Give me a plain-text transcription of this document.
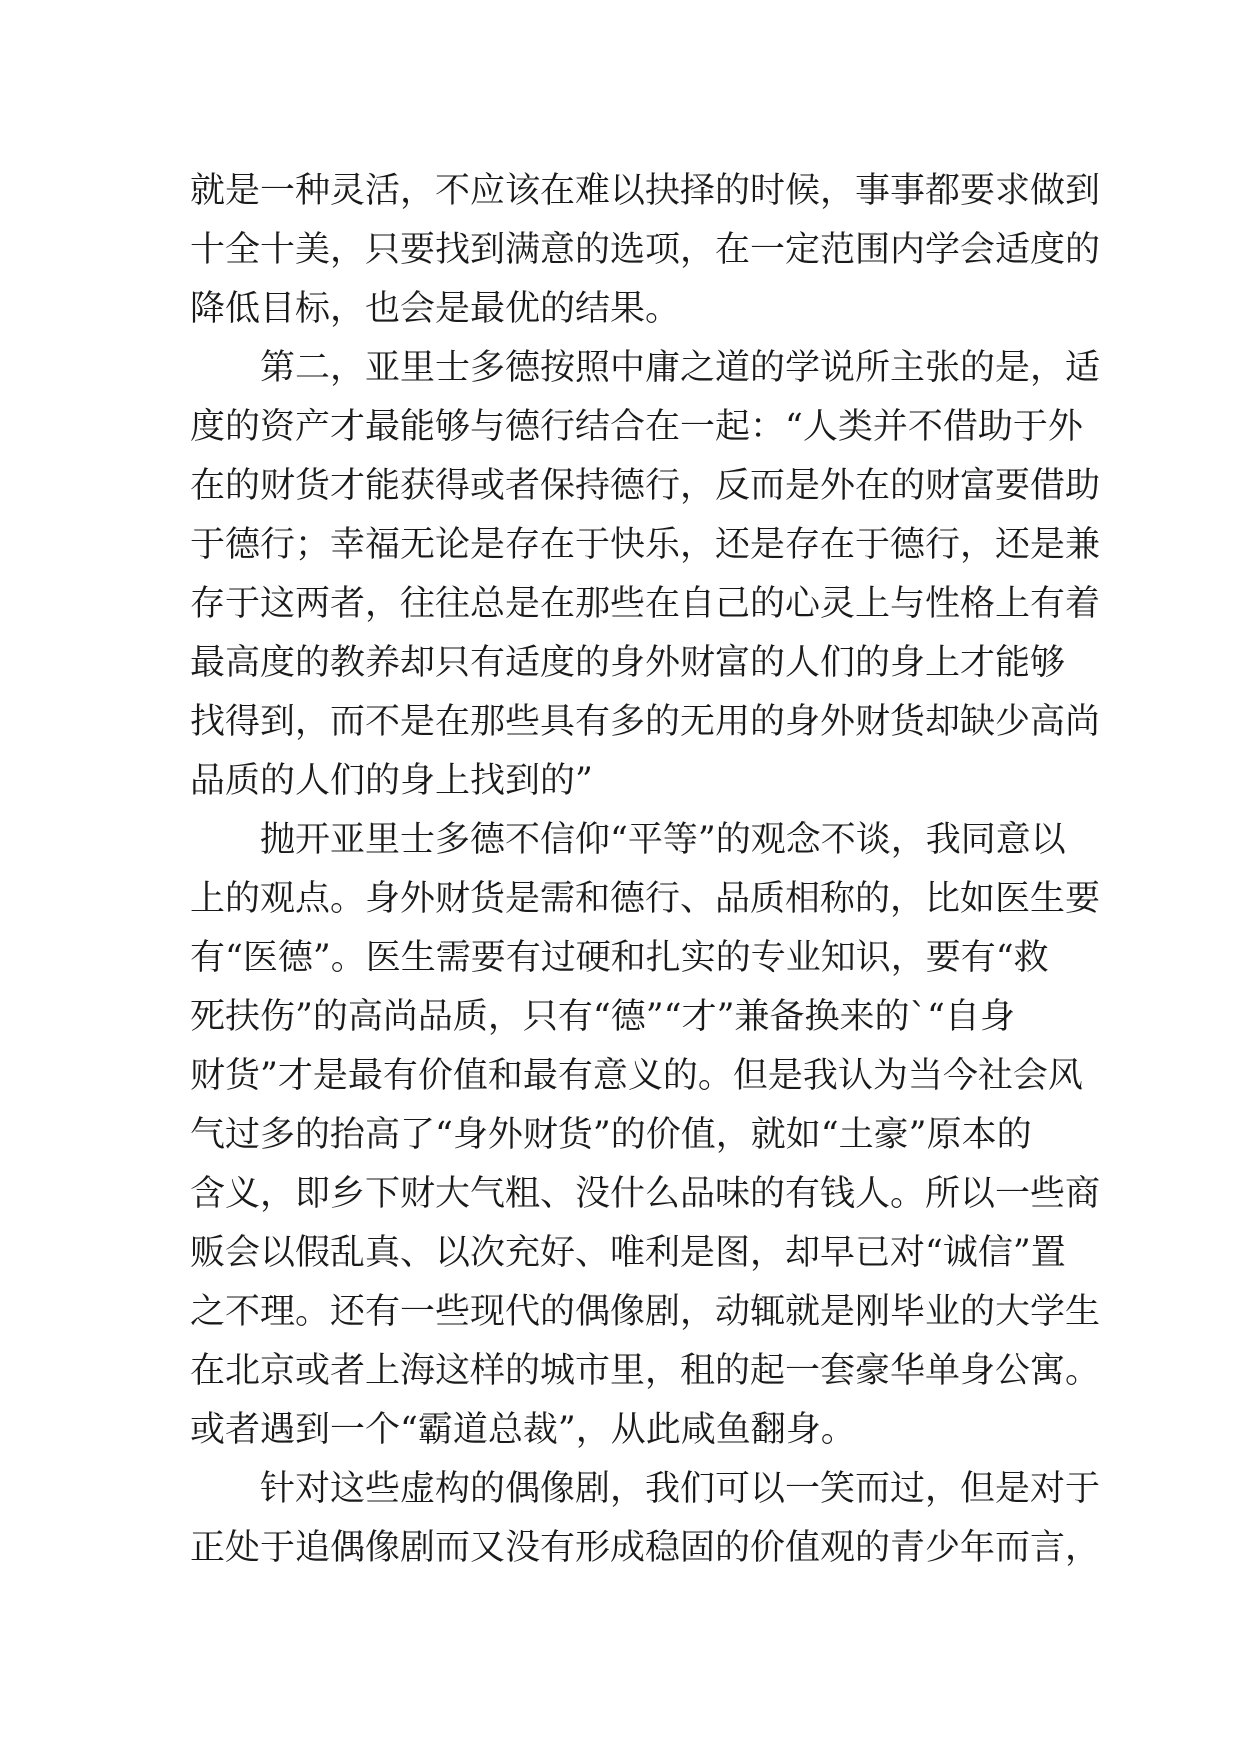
就是一种灵活，不应该在难以抉择的时候，事事都要求做到
十全十美，只要找到满意的选项，在一定范围内学会适度的
降低目标，也会是最优的结果。
　　第二，亚里士多德按照中庸之道的学说所主张的是，适
度的资产才最能够与德行结合在一起：“人类并不借助于外
在的财货才能获得或者保持德行，反而是外在的财富要借助
于德行；幸福无论是存在于快乐，还是存在于德行，还是兼
存于这两者，往往总是在那些在自己的心灵上与性格上有着
最高度的教养却只有适度的身外财富的人们的身上才能够
找得到，而不是在那些具有多的无用的身外财货却缺少高尚
品质的人们的身上找到的”
　　抛开亚里士多德不信仰“平等”的观念不谈，我同意以
上的观点。身外财货是需和德行、品质相称的，比如医生要
有“医德”。医生需要有过硬和扎实的专业知识，要有“救
死扶伤”的高尚品质，只有“德”“才”兼备换来的`“自身
财货”才是最有价值和最有意义的。但是我认为当今社会风
气过多的抬高了“身外财货”的价值，就如“土豪”原本的
含义，即乡下财大气粗、没什么品味的有钱人。所以一些商
贩会以假乱真、以次充好、唯利是图，却早已对“诚信”置
之不理。还有一些现代的偶像剧，动辄就是刚毕业的大学生
在北京或者上海这样的城市里，租的起一套豪华单身公寓。
或者遇到一个“霸道总裁”，从此咸鱼翻身。
　　针对这些虚构的偶像剧，我们可以一笑而过，但是对于
正处于追偶像剧而又没有形成稳固的价值观的青少年而言，
